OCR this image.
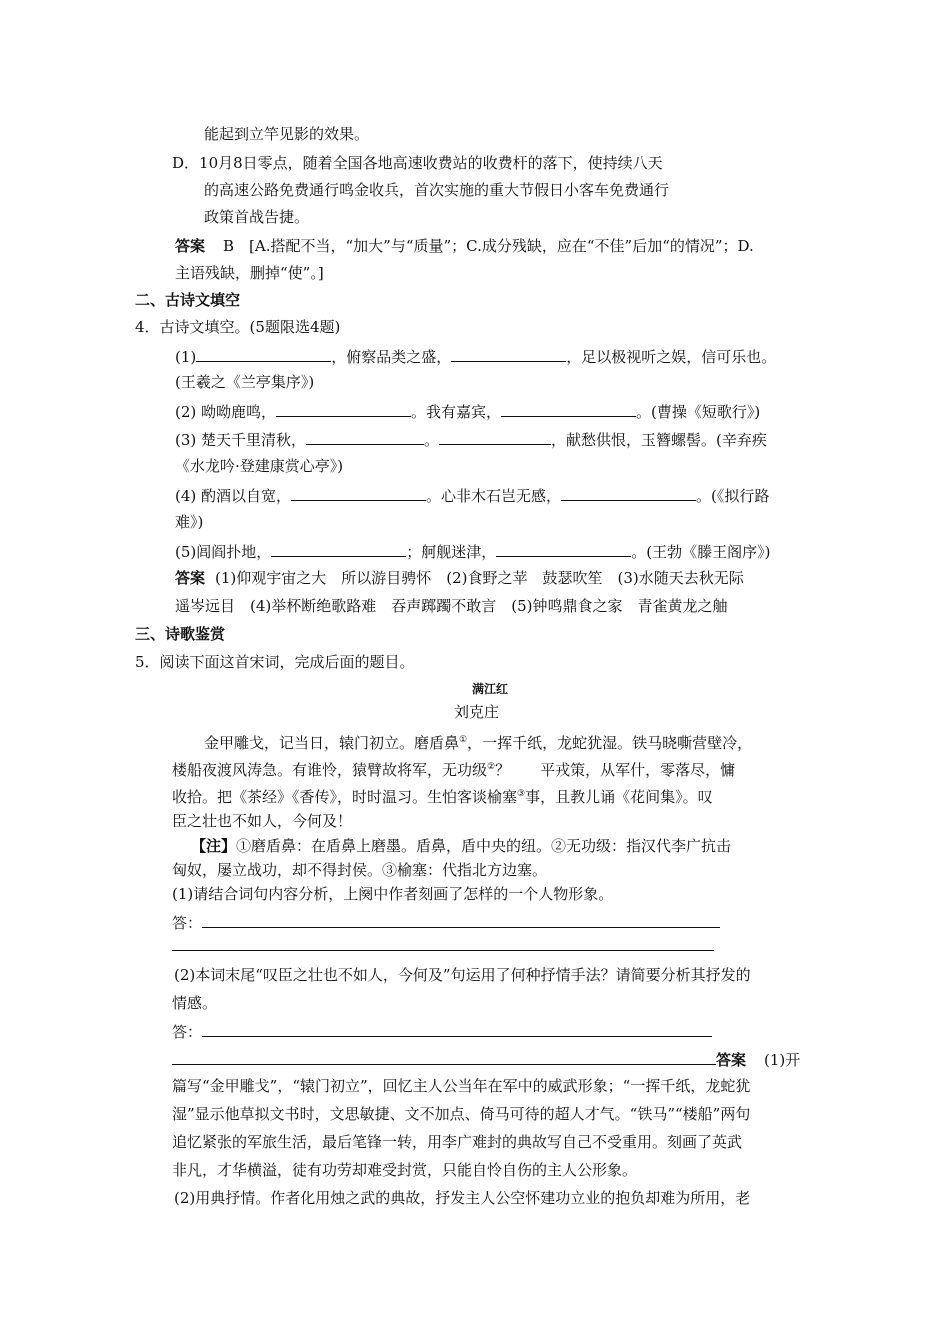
能起到立竿见影的效果。
D．10月8日零点，随着全国各地高速收费站的收费杆的落下，使持续八天
的高速公路免费通行鸣金收兵，首次实施的重大节假日小客车免费通行
政策首战告捷。
答案 B　[A.搭配不当，“加大”与“质量”；C.成分残缺，应在“不佳”后加“的情况”；D.
主语残缺，删掉“使”。]
二、古诗文填空
4．古诗文填空。(5题限选4题)
(1)	，俯察品类之盛，	，足以极视听之娱，信可乐也。
(王羲之《兰亭集序》)
(2) 呦呦鹿鸣，	。我有嘉宾，	。(曹操《短歌行》)
(3) 楚天千里清秋，	。	，献愁供恨，玉簪螺髻。(辛弃疾
《水龙吟·登建康赏心亭》)
(4) 酌酒以自宽，	。心非木石岂无感，	。(《拟行路
难》)
(5)闾阎扑地，	；舸舰迷津，	。(王勃《滕王阁序》)
答案 (1)仰观宇宙之大　所以游目骋怀　(2)食野之苹　鼓瑟吹笙　(3)水随天去秋无际
遥岑远目　(4)举杯断绝歌路难　吞声踯躅不敢言　(5)钟鸣鼎食之家　青雀黄龙之舳
三、诗歌鉴赏
5．阅读下面这首宋词，完成后面的题目。
满江红
刘克庄
金甲雕戈，记当日，辕门初立。磨盾鼻①，一挥千纸，龙蛇犹湿。铁马晓嘶营壁冷，
楼船夜渡风涛急。有谁怜，猿臂故将军，无功级②？　　平戎策，从军什，零落尽，慵
收拾。把《茶经》《香传》，时时温习。生怕客谈榆塞③事，且教儿诵《花间集》。叹
臣之壮也不如人，今何及！
【注】①磨盾鼻：在盾鼻上磨墨。盾鼻，盾中央的纽。②无功级：指汉代李广抗击
匈奴，屡立战功，却不得封侯。③榆塞：代指北方边塞。
(1)请结合词句内容分析，上阕中作者刻画了怎样的一个人物形象。
答：
(2)本词末尾“叹臣之壮也不如人，今何及”句运用了何种抒情手法？请简要分析其抒发的
情感。
答：
答案 (1)开
篇写“金甲雕戈”，“辕门初立”，回忆主人公当年在军中的威武形象；“一挥千纸，龙蛇犹
湿”显示他草拟文书时，文思敏捷、文不加点、倚马可待的超人才气。“铁马”“楼船”两句
追忆紧张的军旅生活，最后笔锋一转，用李广难封的典故写自己不受重用。刻画了英武
非凡，才华横溢，徒有功劳却难受封赏，只能自怜自伤的主人公形象。
(2)用典抒情。作者化用烛之武的典故，抒发主人公空怀建功立业的抱负却难为所用，老
